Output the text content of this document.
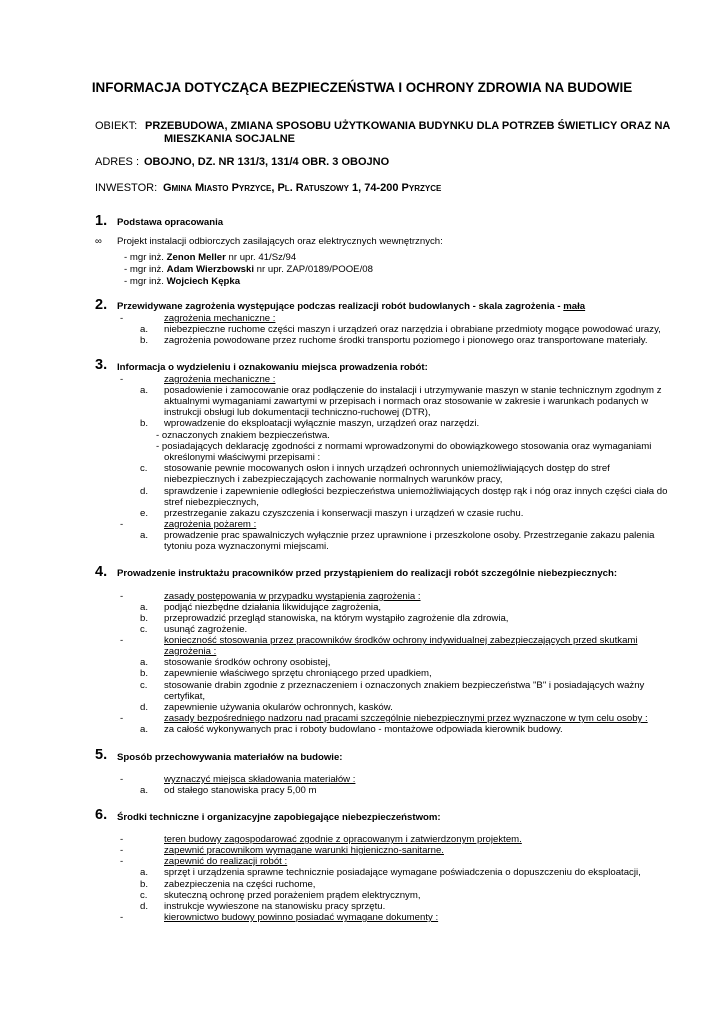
INFORMACJA DOTYCZĄCA BEZPIECZEŃSTWA I OCHRONY ZDROWIA NA BUDOWIE
OBIEKT: PRZEBUDOWA, ZMIANA SPOSOBU UŻYTKOWANIA BUDYNKU DLA POTRZEB ŚWIETLICY ORAZ NA
MIESZKANIA SOCJALNE
ADRES : OBOJNO, DZ. NR 131/3, 131/4 OBR. 3 OBOJNO
INWESTOR: Gmina Miasto Pyrzyce, Pl. Ratuszowy 1, 74-200 Pyrzyce
1. Podstawa opracowania
∞ Projekt instalacji odbiorczych zasilających oraz elektrycznych wewnętrznych:
- mgr inż. Zenon Meller nr upr. 41/Sz/94
- mgr inż. Adam Wierzbowski nr upr. ZAP/0189/POOE/08
- mgr inż. Wojciech Kępka
2. Przewidywane zagrożenia występujące podczas realizacji robót budowlanych - skala zagrożenia - mała
-	zagrożenia mechaniczne :
a. niebezpieczne ruchome części maszyn i urządzeń oraz narzędzia i obrabiane przedmioty mogące powodować urazy,
b. zagrożenia powodowane przez ruchome środki transportu poziomego i pionowego oraz transportowane materiały.
3. Informacja o wydzieleniu i oznakowaniu miejsca prowadzenia robót:
-	zagrożenia mechaniczne :
a. posadowienie i zamocowanie oraz podłączenie do instalacji i utrzymywanie maszyn w stanie technicznym zgodnym z
aktualnymi wymaganiami zawartymi w przepisach i normach oraz stosowanie w zakresie i warunkach podanych w
instrukcji obsługi lub dokumentacji techniczno-ruchowej (DTR),
b. wprowadzenie do eksploatacji wyłącznie maszyn, urządzeń oraz narzędzi.
- oznaczonych znakiem bezpieczeństwa.
- posiadających deklarację zgodności z normami wprowadzonymi do obowiązkowego stosowania oraz wymaganiami
określonymi właściwymi przepisami :
c. stosowanie pewnie mocowanych osłon i innych urządzeń ochronnych uniemożliwiających dostęp do stref
niebezpiecznych i zabezpieczających zachowanie normalnych warunków pracy,
d. sprawdzenie i zapewnienie odległości bezpieczeństwa uniemożliwiających dostęp rąk i nóg oraz innych części ciała do
stref niebezpiecznych,
e. przestrzeganie zakazu czyszczenia i konserwacji maszyn i urządzeń w czasie ruchu.
-	zagrożenia pożarem :
a. prowadzenie prac spawalniczych wyłącznie przez uprawnione i przeszkolone osoby. Przestrzeganie zakazu palenia
tytoniu poza wyznaczonymi miejscami.
4. Prowadzenie instruktażu pracowników przed przystąpieniem do realizacji robót szczególnie niebezpiecznych:
-	zasady postępowania w przypadku wystąpienia zagrożenia :
a. podjąć niezbędne działania likwidujące zagrożenia,
b. przeprowadzić przegląd stanowiska, na którym wystąpiło zagrożenie dla zdrowia,
c. usunąć zagrożenie.
-	konieczność stosowania przez pracowników środków ochrony indywidualnej zabezpieczających przed skutkami
zagrożenia :
a. stosowanie środków ochrony osobistej,
b. zapewnienie właściwego sprzętu chroniącego przed upadkiem,
c. stosowanie drabin zgodnie z przeznaczeniem i oznaczonych znakiem bezpieczeństwa "B" i posiadających ważny
certyfikat,
d. zapewnienie używania okularów ochronnych, kasków.
-	zasady bezpośredniego nadzoru nad pracami szczególnie niebezpiecznymi przez wyznaczone w tym celu osoby :
a. za całość wykonywanych prac i roboty budowlano - montażowe odpowiada kierownik budowy.
5. Sposób przechowywania materiałów na budowie:
-	wyznaczyć miejsca składowania materiałów :
a. od stałego stanowiska pracy 5,00 m
6. Środki techniczne i organizacyjne zapobiegające niebezpieczeństwom:
-	teren budowy zagospodarować zgodnie z opracowanym i zatwierdzonym projektem.
-	zapewnić pracownikom wymagane warunki higieniczno-sanitarne.
-	zapewnić do realizacji robót :
a. sprzęt i urządzenia sprawne technicznie posiadające wymagane poświadczenia o dopuszczeniu do eksploatacji,
b. zabezpieczenia na części ruchome,
c. skuteczną ochronę przed porażeniem prądem elektrycznym,
d. instrukcje wywieszone na stanowisku pracy sprzętu.
-	kierownictwo budowy powinno posiadać wymagane dokumenty :
